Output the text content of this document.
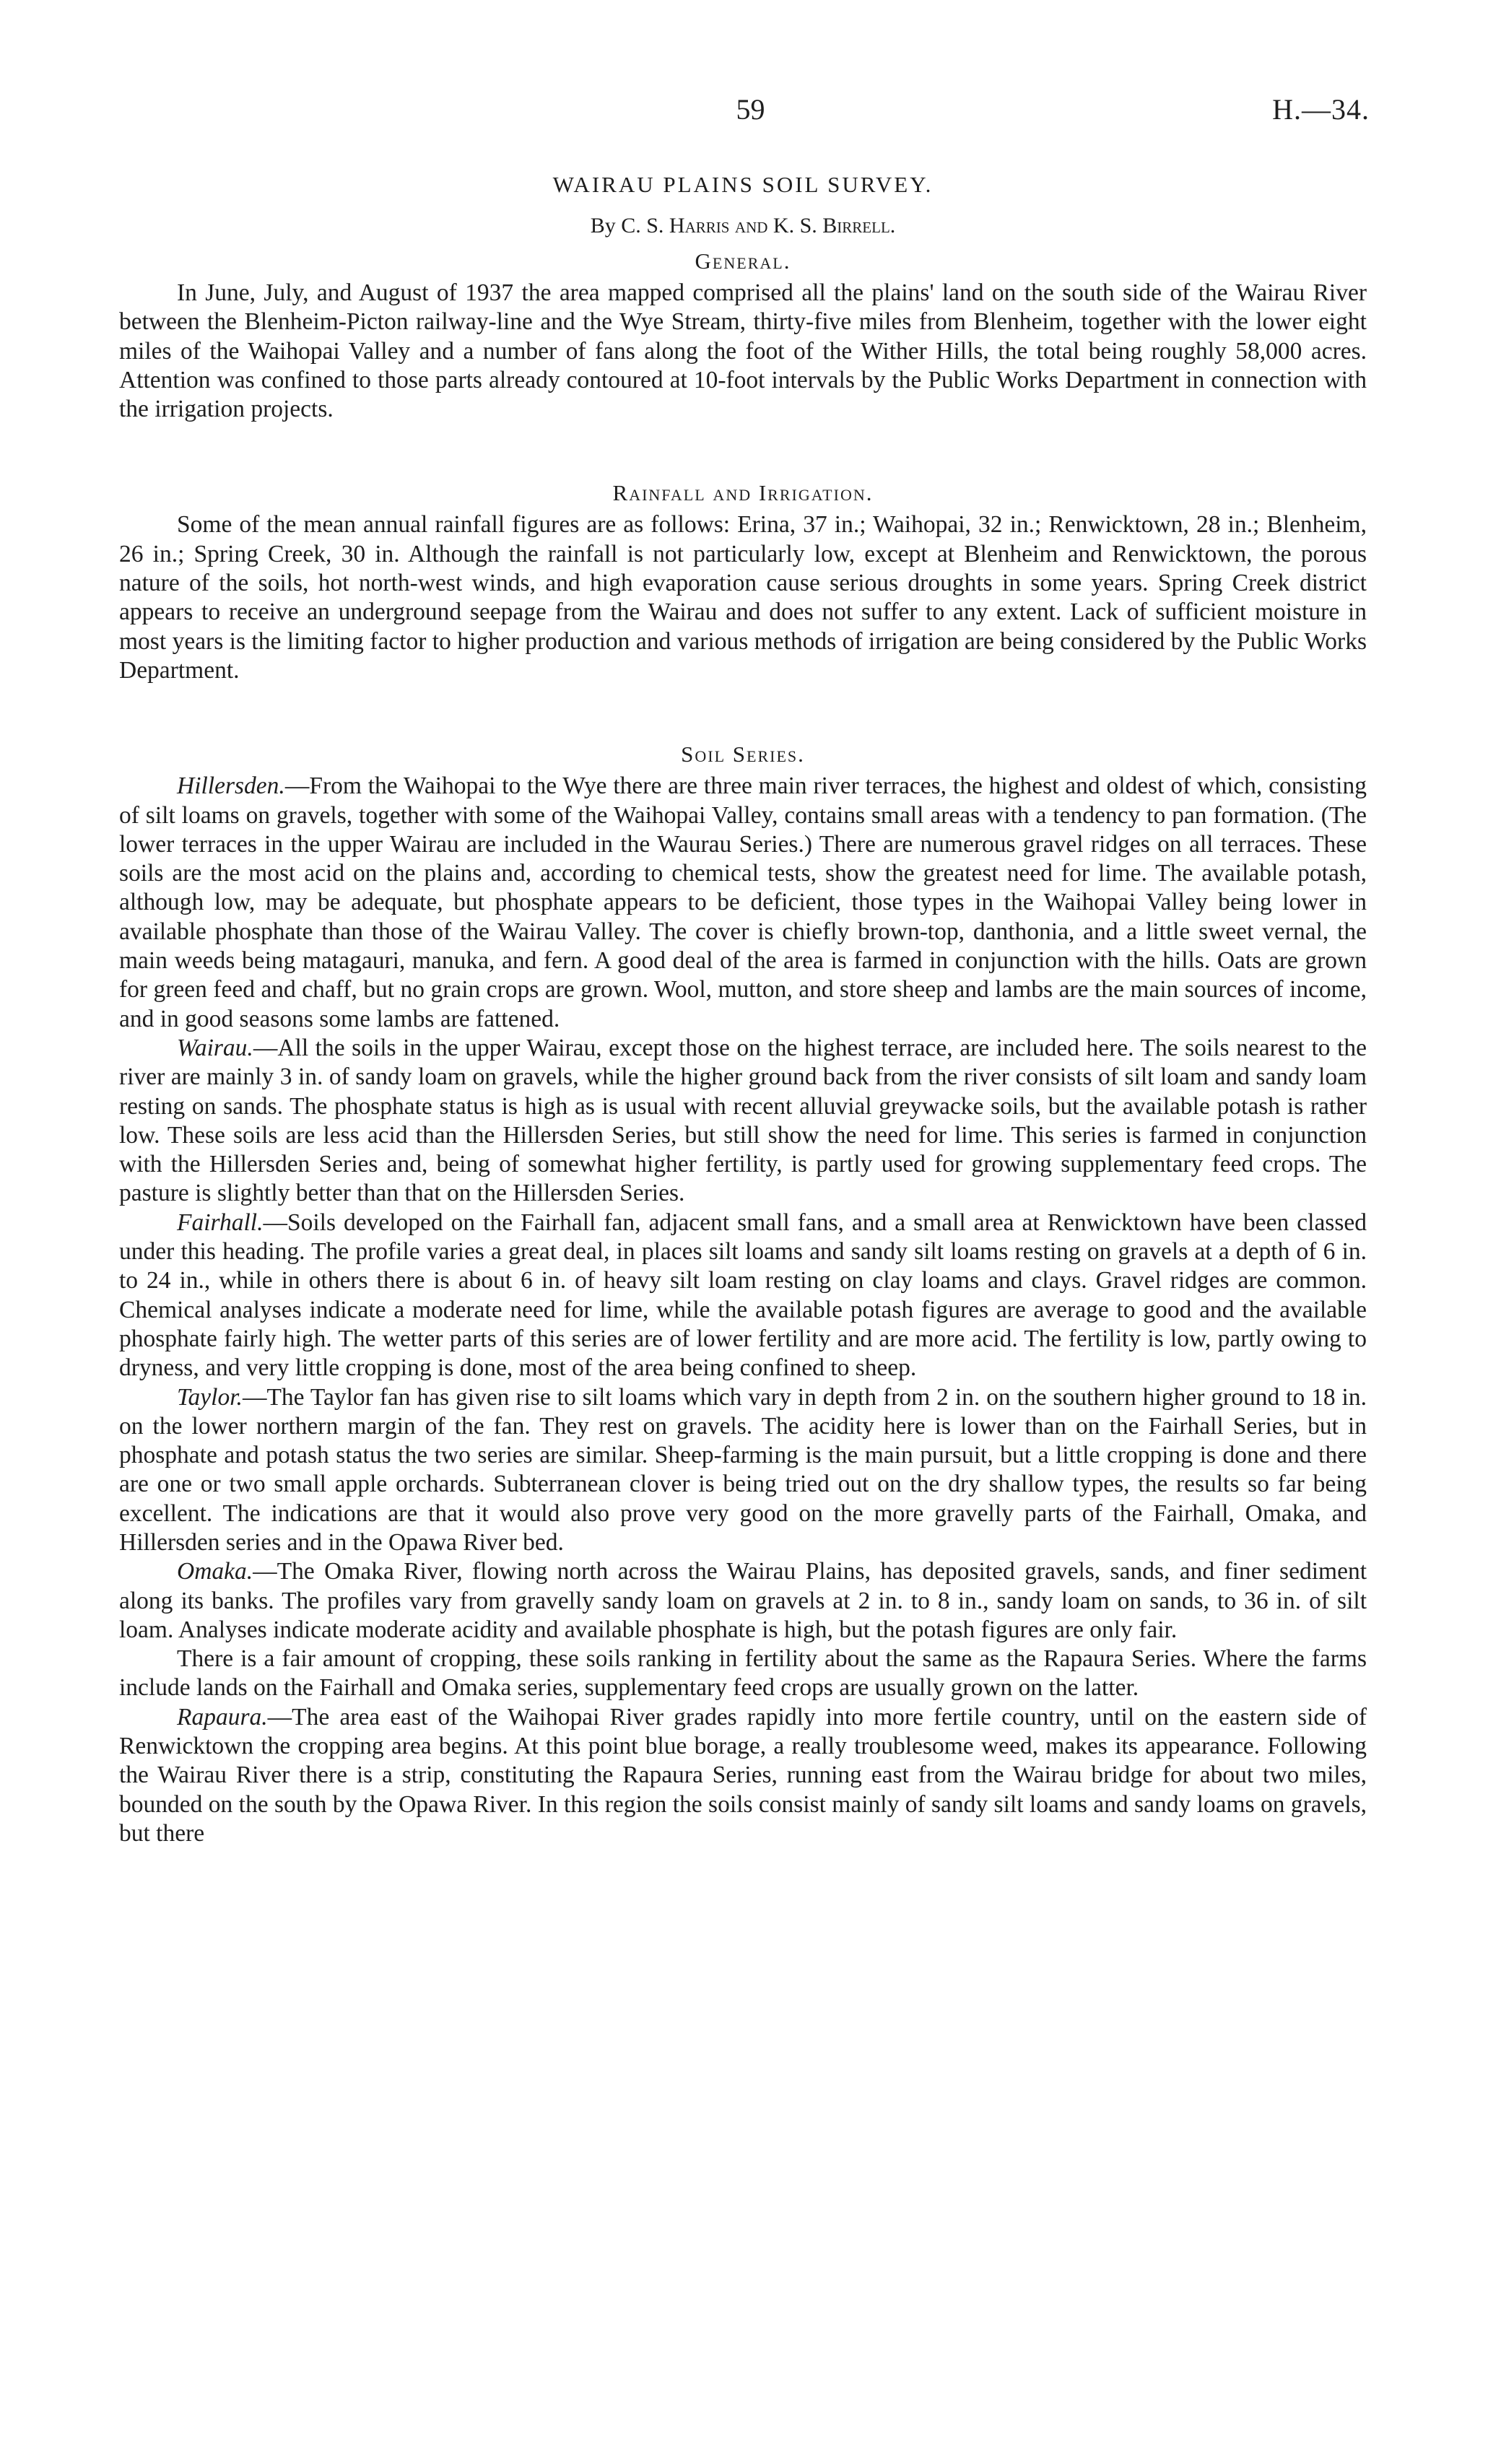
59	H.—34.
WAIRAU PLAINS SOIL SURVEY.
By C. S. Harris and K. S. Birrell.
General.

In June, July, and August of 1937 the area mapped comprised all the plains' land on the south side of the Wairau River between the Blenheim-Picton railway-line and the Wye Stream, thirty-five miles from Blenheim, together with the lower eight miles of the Waihopai Valley and a number of fans along the foot of the Wither Hills, the total being roughly 58,000 acres. Attention was confined to those parts already contoured at 10-foot intervals by the Public Works Department in connection with the irrigation projects.

Rainfall and Irrigation.

Some of the mean annual rainfall figures are as follows: Erina, 37 in.; Waihopai, 32 in.; Renwicktown, 28 in.; Blenheim, 26 in.; Spring Creek, 30 in. Although the rainfall is not particularly low, except at Blenheim and Renwicktown, the porous nature of the soils, hot north-west winds, and high evaporation cause serious droughts in some years. Spring Creek district appears to receive an underground seepage from the Wairau and does not suffer to any extent. Lack of sufficient moisture in most years is the limiting factor to higher production and various methods of irrigation are being considered by the Public Works Department.

Soil Series.

Hillersden.—From the Waihopai to the Wye there are three main river terraces, the highest and oldest of which, consisting of silt loams on gravels, together with some of the Waihopai Valley, contains small areas with a tendency to pan formation. (The lower terraces in the upper Wairau are included in the Waurau Series.) There are numerous gravel ridges on all terraces. These soils are the most acid on the plains and, according to chemical tests, show the greatest need for lime. The available potash, although low, may be adequate, but phosphate appears to be deficient, those types in the Waihopai Valley being lower in available phosphate than those of the Wairau Valley. The cover is chiefly brown-top, danthonia, and a little sweet vernal, the main weeds being matagauri, manuka, and fern. A good deal of the area is farmed in conjunction with the hills. Oats are grown for green feed and chaff, but no grain crops are grown. Wool, mutton, and store sheep and lambs are the main sources of income, and in good seasons some lambs are fattened.

Wairau.—All the soils in the upper Wairau, except those on the highest terrace, are included here. The soils nearest to the river are mainly 3 in. of sandy loam on gravels, while the higher ground back from the river consists of silt loam and sandy loam resting on sands. The phosphate status is high as is usual with recent alluvial greywacke soils, but the available potash is rather low. These soils are less acid than the Hillersden Series, but still show the need for lime. This series is farmed in conjunction with the Hillersden Series and, being of somewhat higher fertility, is partly used for growing supplementary feed crops. The pasture is slightly better than that on the Hillersden Series.

Fairhall.—Soils developed on the Fairhall fan, adjacent small fans, and a small area at Renwicktown have been classed under this heading. The profile varies a great deal, in places silt loams and sandy silt loams resting on gravels at a depth of 6 in. to 24 in., while in others there is about 6 in. of heavy silt loam resting on clay loams and clays. Gravel ridges are common. Chemical analyses indicate a moderate need for lime, while the available potash figures are average to good and the available phosphate fairly high. The wetter parts of this series are of lower fertility and are more acid. The fertility is low, partly owing to dryness, and very little cropping is done, most of the area being confined to sheep.

Taylor.—The Taylor fan has given rise to silt loams which vary in depth from 2 in. on the southern higher ground to 18 in. on the lower northern margin of the fan. They rest on gravels. The acidity here is lower than on the Fairhall Series, but in phosphate and potash status the two series are similar. Sheep-farming is the main pursuit, but a little cropping is done and there are one or two small apple orchards. Subterranean clover is being tried out on the dry shallow types, the results so far being excellent. The indications are that it would also prove very good on the more gravelly parts of the Fairhall, Omaka, and Hillersden series and in the Opawa River bed.

Omaka.—The Omaka River, flowing north across the Wairau Plains, has deposited gravels, sands, and finer sediment along its banks. The profiles vary from gravelly sandy loam on gravels at 2 in. to 8 in., sandy loam on sands, to 36 in. of silt loam. Analyses indicate moderate acidity and available phosphate is high, but the potash figures are only fair.

There is a fair amount of cropping, these soils ranking in fertility about the same as the Rapaura Series. Where the farms include lands on the Fairhall and Omaka series, supplementary feed crops are usually grown on the latter.

Rapaura.—The area east of the Waihopai River grades rapidly into more fertile country, until on the eastern side of Renwicktown the cropping area begins. At this point blue borage, a really troublesome weed, makes its appearance. Following the Wairau River there is a strip, constituting the Rapaura Series, running east from the Wairau bridge for about two miles, bounded on the south by the Opawa River. In this region the soils consist mainly of sandy silt loams and sandy loams on gravels, but there
